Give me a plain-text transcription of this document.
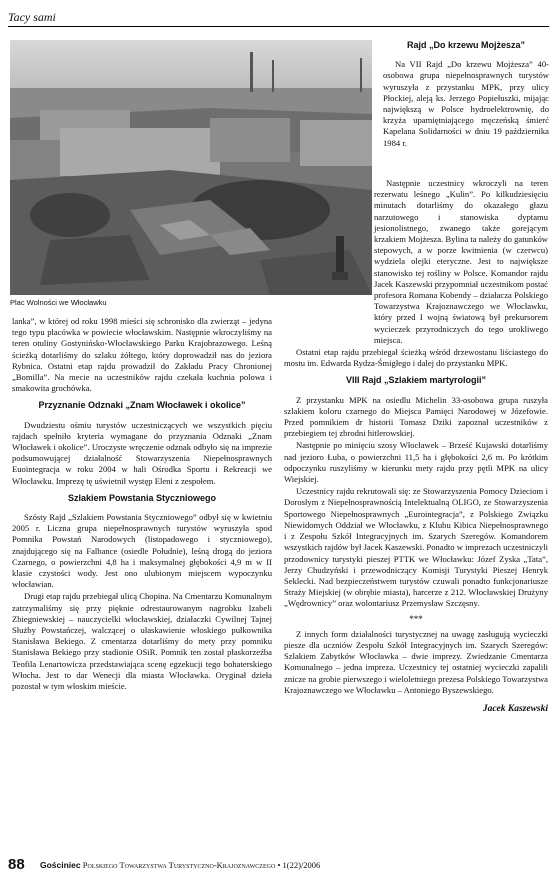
Tacy sami
Plac Wolności we Włocławku
Rajd „Do krzewu Mojżesza”

Na VII Rajd „Do krzewu Mojżesza” 40-osobowa grupa niepełnosprawnych turystów wyruszyła z przystanku MPK, przy ulicy Płockiej, aleją ks. Jerzego Popiełuszki, mijając największą w Polsce hydroelektrownię, do krzyża upamiętniającego męczeńską śmierć Kapelana Solidarności w dniu 19 października 1984 r.

lanka”, w której od roku 1998 mieści się schronisko dla zwierząt – jedyna tego typu placówka w powiecie włocławskim. Następnie wkroczyliśmy na teren otuliny Gostynińsko-Włocławskiego Parku Krajobrazowego. Leśną ścieżką dotarliśmy do szlaku żółtego, który doprowadził nas do jeziora Rybnica. Ostatni etap rajdu prowadził do Zakładu Pracy Chronionej „Bomilla”. Na mecie na uczestników rajdu czekała kuchnia polowa i smakowita grochówka.

Przyznanie Odznaki „Znam Włocławek i okolice”

Dwudziestu ośmiu turystów uczestniczących we wszystkich pięciu rajdach spełniło kryteria wymagane do przyznania Odznaki „Znam Włocławek i okolice”. Uroczyste wręczenie odznak odbyło się na imprezie podsumowującej działalność Stowarzyszenia Niepełnosprawnych Euointegracja w roku 2004 w hali Ośrodka Sportu i Rekreacji we Włocławku. Imprezę tę uświetnił występ Eleni z zespołem.

Szlakiem Powstania Styczniowego

Szósty Rajd „Szlakiem Powstania Styczniowego” odbył się w kwietniu 2005 r. Liczna grupa niepełnosprawnych turystów wyruszyła spod Pomnika Powstań Narodowych (listopadowego i styczniowego), znajdującego się na Falbance (osiedle Południe), leśną drogą do jeziora Czarnego, o powierzchni 4,8 ha i maksymalnej głębokości 4,9 m w II klasie czystości wody. Jest ono ulubionym miejscem wypoczynku włocławian.

Drugi etap rajdu przebiegał ulicą Chopina. Na Cmentarzu Komunalnym zatrzymaliśmy się przy pięknie odrestaurowanym nagrobku Izabeli Zbiegniewskiej – nauczycielki włocławskiej, działaczki Cywilnej Tajnej Służby Powstańczej, walczącej o ułaskawienie włoskiego pułkownika Stanisława Bekiego. Z cmentarza dotarliśmy do mety przy pomniku Stanisława Bekiego przy stadionie OSiR. Pomnik ten został płaskorzeźba Teofila Lenartowicza przedstawiająca scenę egzekucji tego bohaterskiego Włocha. Jest to dar Wenecji dla miasta Włocławka. Oryginał dzieła pozostał w tym włoskim mieście.

Następnie uczestnicy wkroczyli na teren rezerwatu leśnego „Kulin”. Po kilkudziesięciu minutach dotarliśmy do okazałego głazu narzutowego i stanowiska dyptamu jesionolistnego, zwanego także gorejącym krzakiem Mojżesza. Bylina ta należy do gatunków stepowych, a w porze kwitnienia (w czerwcu) wydziela olejki eteryczne. Jest to największe stanowisko tej rośliny w Polsce. Komandor rajdu Jacek Kaszewski przypomniał uczestnikom postać profesora Romana Kobendy – działacza Polskiego Towarzystwa Krajoznawczego we Włocławku, który przed I wojną światową był prekursorem wycieczek przyrodniczych do tego urokliwego miejsca.

Ostatni etap rajdu przebiegał ścieżką wśród drzewostanu liściastego do mostu im. Edwarda Rydza-Śmigłego i dalej do przystanku MPK.

VIII Rajd „Szlakiem martyrologii”

Z przystanku MPK na osiedlu Michelin 33-osobowa grupa ruszyła szlakiem koloru czarnego do Miejsca Pamięci Narodowej w Józefowie. Przed pomnikiem dr historii Tomasz Dzikі zapoznał uczestników z przebiegiem tej zbrodni hitlerowskiej.

Następnie po minięciu szosy Włocławek – Brześć Kujawski dotarliśmy nad jezioro Łuba, o powierzchni 11,5 ha i głębokości 2,6 m. Po krótkim odpoczynku ruszyliśmy w kierunku mety rajdu przy pętli MPK na ulicy Wiejskiej.

Uczestnicy rajdu rekrutowali się: ze Stowarzyszenia Pomocy Dzieciom i Dorosłym z Niepełnosprawnością Intelektualną OLIGO, ze Stowarzyszenia Sportowego Niepełnosprawnych „Eurointegracja”, z Polskiego Związku Niewidomych Oddział we Włocławku, z Klubu Kibica Niepełnosprawnego i z Zespołu Szkół Integracyjnych im. Szarych Szeregów. Komandorem wszystkich rajdów był Jacek Kaszewski. Ponadto w imprezach uczestniczyli przodownicy turystyki pieszej PTTK we Włocławku: Józef Zyska „Tata”, Jerzy Chudzyński i przewodniczący Komisji Turystyki Pieszej Henryk Seklecki. Nad bezpieczeństwem turystów czuwali ponadto funkcjonariusze Straży Miejskiej (w obrębie miasta), harcerze z 212. Włocławskiej Drużyny „Wędrownicy” oraz wolontariusz Przemysław Szczęsny.

***

Z innych form działalności turystycznej na uwagę zasługują wycieczki piesze dla uczniów Zespołu Szkół Integracyjnych im. Szarych Szeregów: Szlakiem Zabytków Włocławka – dwie imprezy. Zwiedzanie Cmentarza Komunalnego – jedna impreza. Uczestnicy tej ostatniej wycieczki zapalili znicze na grobie pierwszego i wieloletniego prezesa Polskiego Towarzystwa Krajoznawczego we Włocławku – Antoniego Byszewskiego.

Jacek Kaszewski
88 Gościniec Polskiego Towarzystwa Turystyczno-Krajoznawczego • 1(22)/2006
